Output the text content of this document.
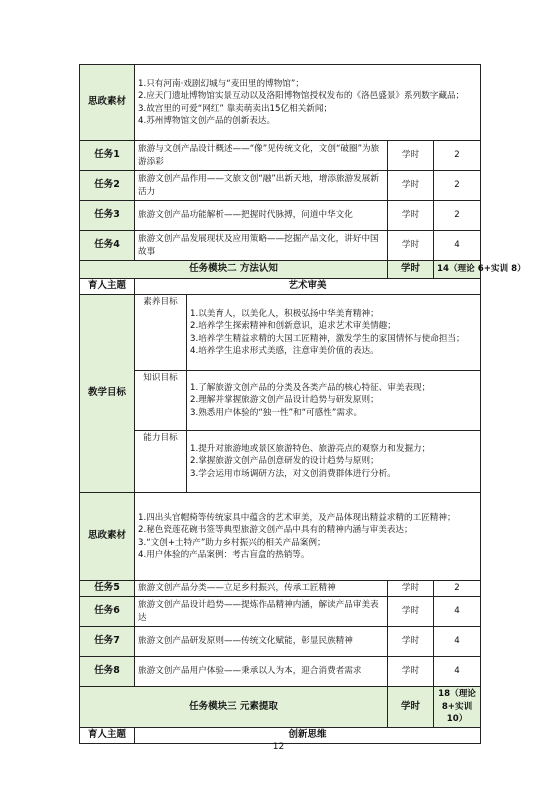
思政素材	1.只有河南·戏剧幻城与“麦田里的博物馆”；
2.应天门遗址博物馆实景互动以及洛阳博物馆授权发布的《洛邑盛景》系列数字藏品；
3.故宫里的可爱“网红” 靠卖萌卖出15亿相关新闻；
4.苏州博物馆文创产品的创新表达。			

任务1	旅游与文创产品设计概述——“像”见传统文化，文创“破圈”为旅游添彩		学时	2
任务2	旅游文创产品作用——文旅文创“融”出新天地，增添旅游发展新活力		学时	2
任务3	旅游文创产品功能解析——把握时代脉搏，问道中华文化		学时	2
任务4	旅游文创产品发展现状及应用策略——挖掘产品文化，讲好中国故事		学时	4
任务模块二 方法认知			学时	14（理论 6+实训 8）
育人主题	艺术审美			
教学目标	素养目标	1.以美育人，以美化人，积极弘扬中华美育精神；
2.培养学生探索精神和创新意识，追求艺术审美情趣；
3.培养学生精益求精的大国工匠精神，激发学生的家国情怀与使命担当；
4.培养学生追求形式美感，注意审美价值的表达。		

	知识目标	1.了解旅游文创产品的分类及各类产品的核心特征、审美表现；
2.理解并掌握旅游文创产品设计趋势与研发原则；
3.熟悉用户体验的“独一性”和“可感性”需求。		

	能力目标	1.提升对旅游地或景区旅游特色、旅游亮点的观察力和发掘力；
2.掌握旅游文创产品创意研发的设计趋势与原则；
3.学会运用市场调研方法，对文创消费群体进行分析。		

思政素材	1.四出头官帽椅等传统家具中蕴含的艺术审美，及产品体现出精益求精的工匠精神；
2.秘色瓷莲花碗书签等典型旅游文创产品中具有的精神内涵与审美表达；
3.“文创+土特产”助力乡村振兴的相关产品案例；
4.用户体验的产品案例：考古盲盒的热销等。			

任务5	旅游文创产品分类——立足乡村振兴，传承工匠精神		学时	2
任务6	旅游文创产品设计趋势——提炼作品精神内涵，解读产品审美表达		学时	4
任务7	旅游文创产品研发原则——传统文化赋能，彰显民族精神		学时	4
任务8	旅游文创产品用户体验——秉承以人为本，迎合消费者需求		学时	4
任务模块三 元素提取			学时	18（理论 8+实训 10）
育人主题	创新思维			
12
